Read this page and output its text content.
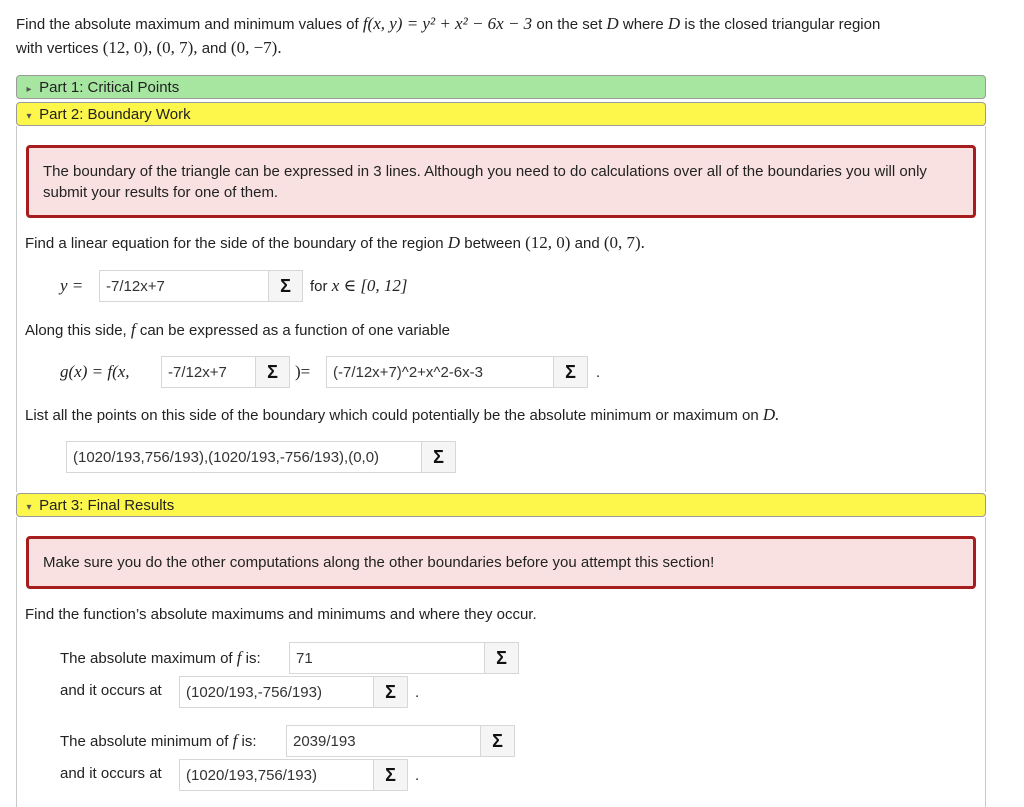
Find the absolute maximum and minimum values of f(x, y) = y² + x² − 6x − 3 on the set D where D is the closed triangular region
with vertices (12, 0), (0, 7), and (0, −7).
▸ Part 1: Critical Points
▾ Part 2: Boundary Work
The boundary of the triangle can be expressed in 3 lines. Although you need to do calculations over all of the boundaries you will only submit your results for one of them.
Find a linear equation for the side of the boundary of the region D between (12, 0) and (0, 7).
y =
-7/12x+7	Σ	for x ∈ [0, 12]
Along this side, f can be expressed as a function of one variable
g(x) = f(x,
-7/12x+7	Σ	)=
(-7/12x+7)^2+x^2-6x-3	Σ	.
List all the points on this side of the boundary which could potentially be the absolute minimum or maximum on D.
(1020/193,756/193),(1020/193,-756/193),(0,0)
Σ
▾ Part 3: Final Results
Make sure you do the other computations along the other boundaries before you attempt this section!
Find the function’s absolute maximums and minimums and where they occur.
The absolute maximum of f is:
71	Σ
and it occurs at
(1020/193,-756/193)	Σ	.
The absolute minimum of f is:
2039/193	Σ
and it occurs at
(1020/193,756/193)	Σ	.
